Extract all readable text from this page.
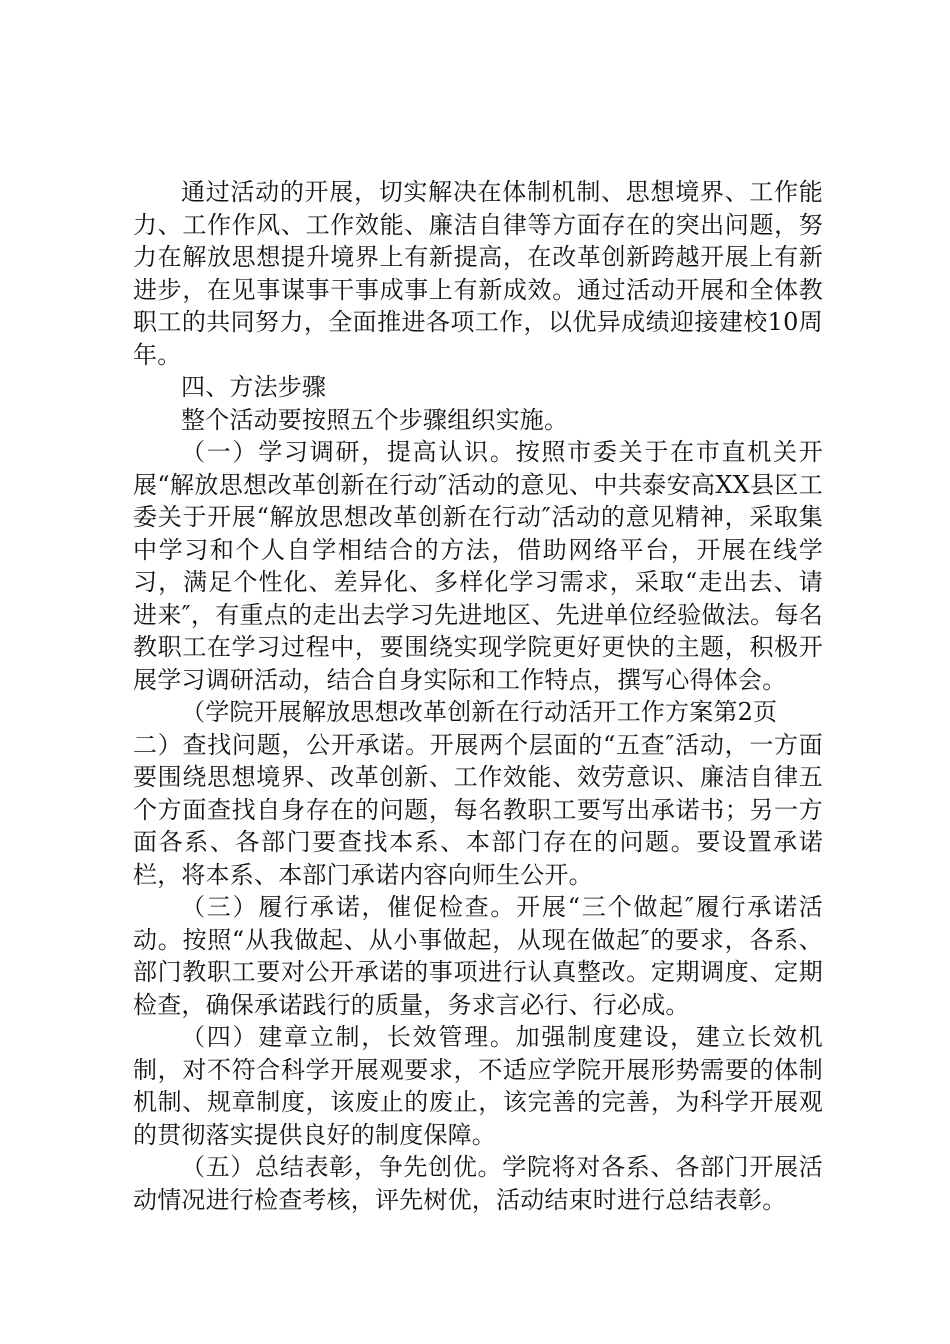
通过活动的开展，切实解决在体制机制、思想境界、工作能力、工作作风、工作效能、廉洁自律等方面存在的突出问题，努力在解放思想提升境界上有新提高，在改革创新跨越开展上有新进步，在见事谋事干事成事上有新成效。通过活动开展和全体教职工的共同努力，全面推进各项工作，以优异成绩迎接建校10周年。

四、方法步骤

整个活动要按照五个步骤组织实施。

（一）学习调研，提高认识。按照市委关于在市直机关开展“解放思想改革创新在行动″活动的意见、中共泰安高XX县区工委关于开展“解放思想改革创新在行动″活动的意见精神，采取集中学习和个人自学相结合的方法，借助网络平台，开展在线学习，满足个性化、差异化、多样化学习需求，采取“走出去、请进来″，有重点的走出去学习先进地区、先进单位经验做法。每名教职工在学习过程中，要围绕实现学院更好更快的主题，积极开展学习调研活动，结合自身实际和工作特点，撰写心得体会。

（学院开展解放思想改革创新在行动活开工作方案第2页

二）查找问题，公开承诺。开展两个层面的“五查″活动，一方面要围绕思想境界、改革创新、工作效能、效劳意识、廉洁自律五个方面查找自身存在的问题，每名教职工要写出承诺书；另一方面各系、各部门要查找本系、本部门存在的问题。要设置承诺栏，将本系、本部门承诺内容向师生公开。

（三）履行承诺，催促检查。开展“三个做起″履行承诺活动。按照“从我做起、从小事做起，从现在做起″的要求，各系、部门教职工要对公开承诺的事项进行认真整改。定期调度、定期检查，确保承诺践行的质量，务求言必行、行必成。

（四）建章立制，长效管理。加强制度建设，建立长效机制，对不符合科学开展观要求，不适应学院开展形势需要的体制机制、规章制度，该废止的废止，该完善的完善，为科学开展观的贯彻落实提供良好的制度保障。

（五）总结表彰，争先创优。学院将对各系、各部门开展活动情况进行检查考核，评先树优，活动结束时进行总结表彰。
